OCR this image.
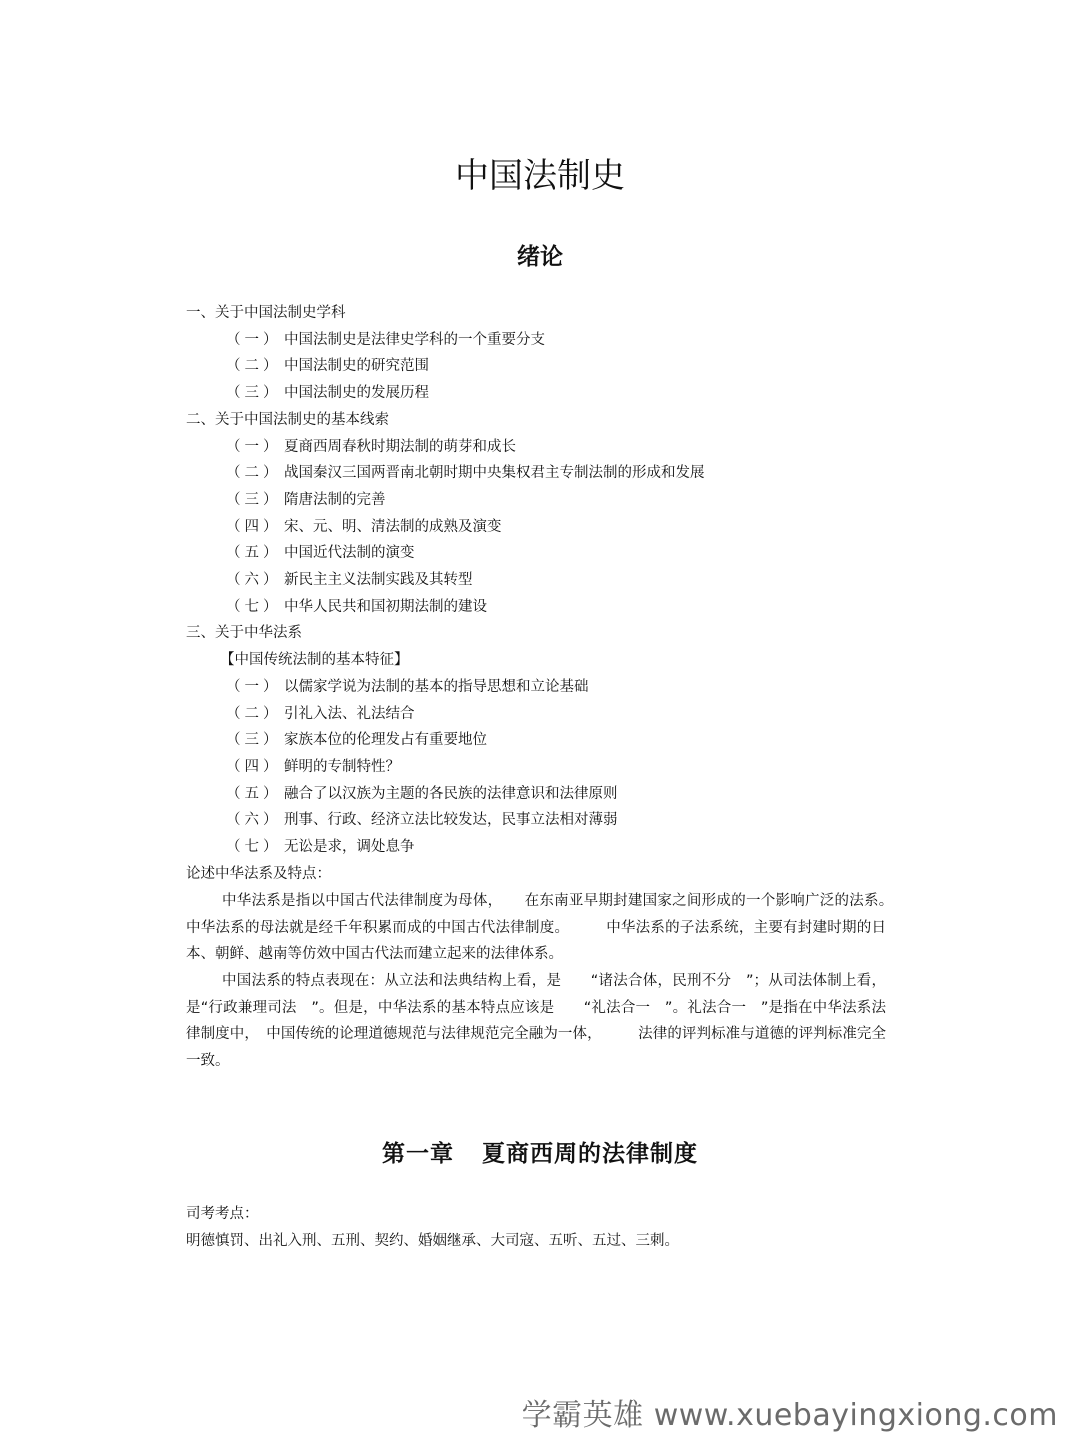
中国法制史
绪论
一、关于中国法制史学科
（一） 中国法制史是法律史学科的一个重要分支
（二） 中国法制史的研究范围
（三） 中国法制史的发展历程
二、关于中国法制史的基本线索
（一） 夏商西周春秋时期法制的萌芽和成长
（二） 战国秦汉三国两晋南北朝时期中央集权君主专制法制的形成和发展
（三） 隋唐法制的完善
（四） 宋、元、明、清法制的成熟及演变
（五） 中国近代法制的演变
（六） 新民主主义法制实践及其转型
（七） 中华人民共和国初期法制的建设
三、关于中华法系
【中国传统法制的基本特征】
（一） 以儒家学说为法制的基本的指导思想和立论基础
（二） 引礼入法、礼法结合
（三） 家族本位的伦理发占有重要地位
（四） 鲜明的专制特性？
（五） 融合了以汉族为主题的各民族的法律意识和法律原则
（六） 刑事、行政、经济立法比较发达，民事立法相对薄弱
（七） 无讼是求，调处息争
论述中华法系及特点：

中华法系是指以中国古代法律制度为母体，　　在东南亚早期封建国家之间形成的一个影响广泛的法系。　中华法系的母法就是经千年积累而成的中国古代法律制度。　　　中华法系的子法系统，主要有封建时期的日本、朝鲜、越南等仿效中国古代法而建立起来的法律体系。

中国法系的特点表现在：从立法和法典结构上看，是　　“诸法合体，民刑不分　”；从司法体制上看，是“行政兼理司法　”。但是，中华法系的基本特点应该是　　“礼法合一　”。礼法合一　”是指在中华法系法律制度中，　中国传统的论理道德规范与法律规范完全融为一体，　　　法律的评判标准与道德的评判标准完全一致。

第一章 夏商西周的法律制度
司考考点：
明德慎罚、出礼入刑、五刑、契约、婚姻继承、大司寇、五听、五过、三刺。
学霸英雄 www.xuebayingxiong.com
